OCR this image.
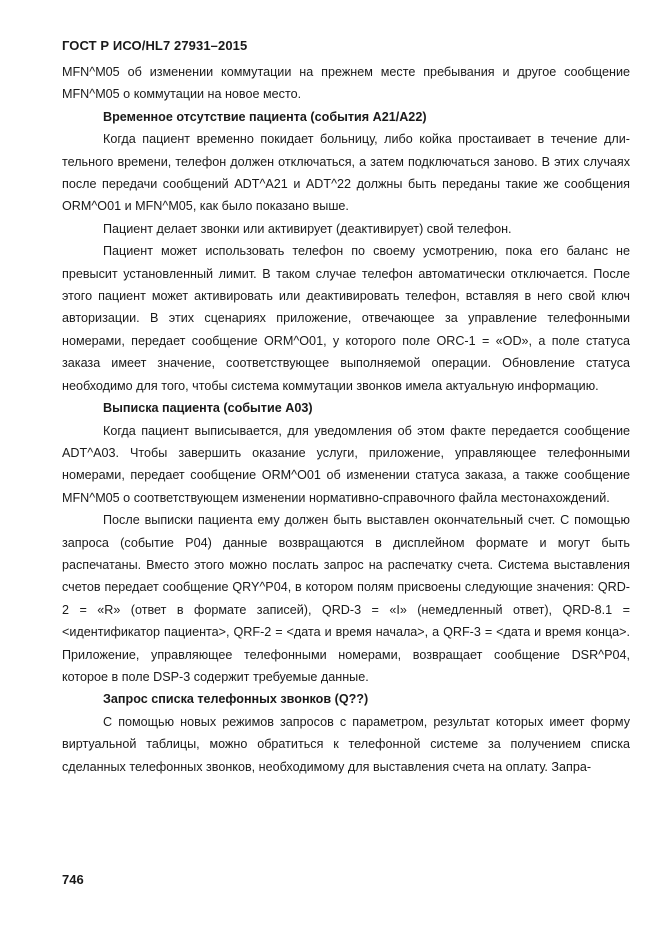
ГОСТ Р ИСО/HL7 27931–2015

MFN^M05 об изменении коммутации на прежнем месте пребывания и другое сообщение MFN^M05 о коммутации на новое место.

Временное отсутствие пациента (события A21/A22)

Когда пациент временно покидает больницу, либо койка простаивает в течение длительного времени, телефон должен отключаться, а затем подключаться заново. В этих случаях после передачи сообщений ADT^A21 и ADT^22 должны быть переданы такие же сообщения ORM^O01 и MFN^M05, как было показано выше.

Пациент делает звонки или активирует (деактивирует) свой телефон.

Пациент может использовать телефон по своему усмотрению, пока его баланс не превысит установленный лимит. В таком случае телефон автоматически отключается. После этого пациент может активировать или деактивировать телефон, вставляя в него свой ключ авторизации. В этих сценариях приложение, отвечающее за управление телефонными номерами, передает сообщение ORM^O01, у которого поле ORC-1 = «OD», а поле статуса заказа имеет значение, соответствующее выполняемой операции. Обновление статуса необходимо для того, чтобы система коммутации звонков имела актуальную информацию.

Выписка пациента (событие A03)

Когда пациент выписывается, для уведомления об этом факте передается сообщение ADT^A03. Чтобы завершить оказание услуги, приложение, управляющее телефонными номерами, передает сообщение ORM^O01 об изменении статуса заказа, а также сообщение MFN^M05 о соответствующем изменении нормативно-справочного файла местонахождений.

После выписки пациента ему должен быть выставлен окончательный счет. С помощью запроса (событие P04) данные возвращаются в дисплейном формате и могут быть распечатаны. Вместо этого можно послать запрос на распечатку счета. Система выставления счетов передает сообщение QRY^P04, в котором полям присвоены следующие значения: QRD-2 = «R» (ответ в формате записей), QRD-3 = «I» (немедленный ответ), QRD-8.1 = <идентификатор пациента>, QRF-2 = <дата и время начала>, а QRF-3 = <дата и время конца>. Приложение, управляющее телефонными номерами, возвращает сообщение DSR^P04, которое в поле DSP-3 содержит требуемые данные.

Запрос списка телефонных звонков (Q??)

С помощью новых режимов запросов с параметром, результат которых имеет форму виртуальной таблицы, можно обратиться к телефонной системе за получением списка сделанных телефонных звонков, необходимому для выставления счета на оплату. Запра-

746
